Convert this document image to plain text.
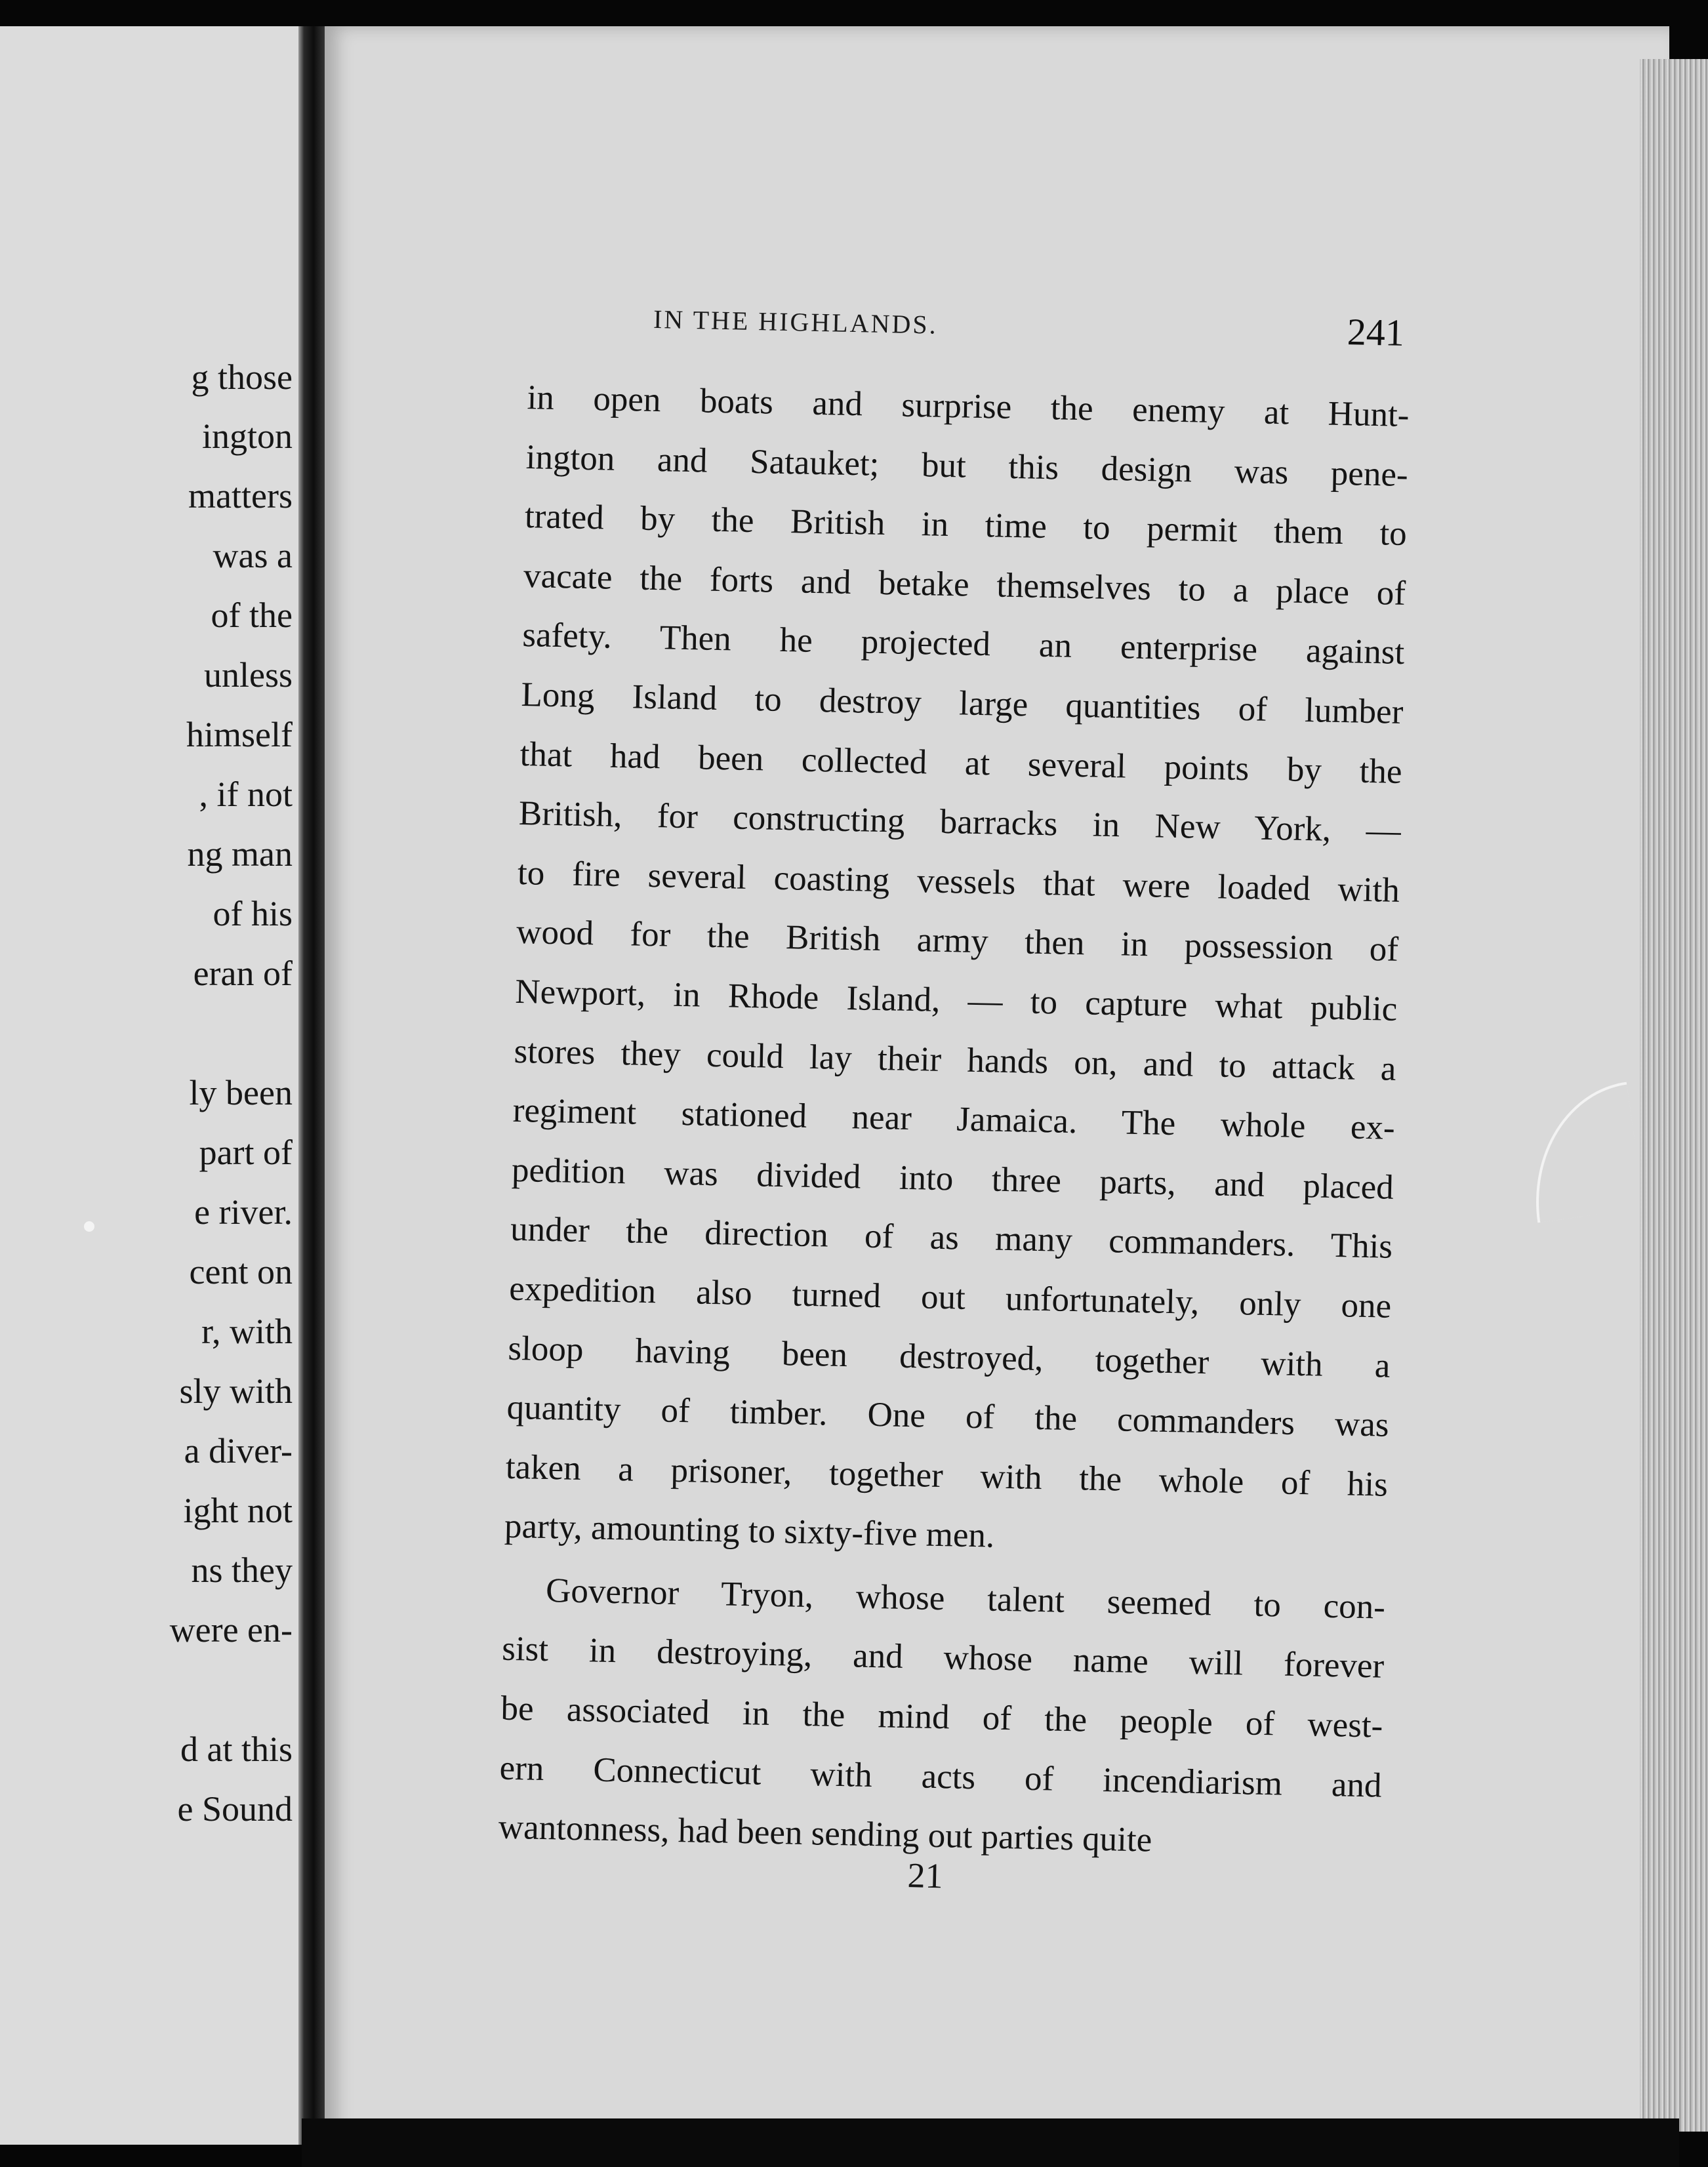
g those
ington
matters
was a
of the
unless
himself
, if not
ng man
of his
eran of
ly been
part of
e river.
cent on
r, with
sly with
a diver-
ight not
ns they
were en-
d at this
e Sound
IN THE HIGHLANDS.	241

in open boats and surprise the enemy at Hunt-
ington and Satauket; but this design was pene-
trated by the British in time to permit them to
vacate the forts and betake themselves to a place of
safety. Then he projected an enterprise against
Long Island to destroy large quantities of lumber
that had been collected at several points by the
British, for constructing barracks in New York, —
to fire several coasting vessels that were loaded with
wood for the British army then in possession of
Newport, in Rhode Island, — to capture what public
stores they could lay their hands on, and to attack a
regiment stationed near Jamaica. The whole ex-
pedition was divided into three parts, and placed
under the direction of as many commanders. This
expedition also turned out unfortunately, only one
sloop having been destroyed, together with a
quantity of timber. One of the commanders was
taken a prisoner, together with the whole of his
party, amounting to sixty-five men.

Governor Tryon, whose talent seemed to con-
sist in destroying, and whose name will forever
be associated in the mind of the people of west-
ern Connecticut with acts of incendiarism and
wantonness, had been sending out parties quite

21
